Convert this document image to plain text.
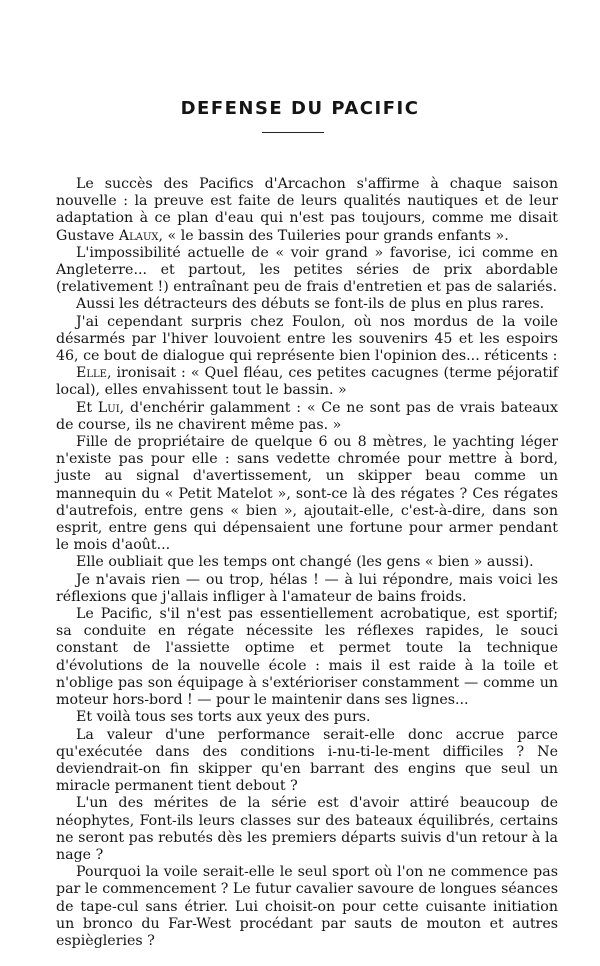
DEFENSE DU PACIFIC

Le succès des Pacifics d'Arcachon s'affirme à chaque saison nouvelle : la preuve est faite de leurs qualités nautiques et de leur adaptation à ce plan d'eau qui n'est pas toujours, comme me disait Gustave Alaux, « le bassin des Tuileries pour grands enfants ».

L'impossibilité actuelle de « voir grand » favorise, ici comme en Angleterre... et partout, les petites séries de prix abordable (relativement !) entraînant peu de frais d'entretien et pas de salariés.

Aussi les détracteurs des débuts se font-ils de plus en plus rares.

J'ai cependant surpris chez Foulon, où nos mordus de la voile désarmés par l'hiver louvoient entre les souvenirs 45 et les espoirs 46, ce bout de dialogue qui représente bien l'opinion des... réticents :

Elle, ironisait : « Quel fléau, ces petites cacugnes (terme péjoratif local), elles envahissent tout le bassin. »

Et Lui, d'enchérir galamment : « Ce ne sont pas de vrais bateaux de course, ils ne chavirent même pas. »

Fille de propriétaire de quelque 6 ou 8 mètres, le yachting léger n'existe pas pour elle : sans vedette chromée pour mettre à bord, juste au signal d'avertissement, un skipper beau comme un mannequin du « Petit Matelot », sont-ce là des régates ? Ces régates d'autrefois, entre gens « bien », ajoutait-elle, c'est-à-dire, dans son esprit, entre gens qui dépensaient une fortune pour armer pendant le mois d'août...

Elle oubliait que les temps ont changé (les gens « bien » aussi).

Je n'avais rien — ou trop, hélas ! — à lui répondre, mais voici les réflexions que j'allais infliger à l'amateur de bains froids.

Le Pacific, s'il n'est pas essentiellement acrobatique, est sportif; sa conduite en régate nécessite les réflexes rapides, le souci constant de l'assiette optime et permet toute la technique d'évolutions de la nouvelle école : mais il est raide à la toile et n'oblige pas son équipage à s'extérioriser constamment — comme un moteur hors-bord ! — pour le maintenir dans ses lignes...

Et voilà tous ses torts aux yeux des purs.

La valeur d'une performance serait-elle donc accrue parce qu'exécutée dans des conditions i-nu-ti-le-ment difficiles ? Ne deviendrait-on fin skipper qu'en barrant des engins que seul un miracle permanent tient debout ?

L'un des mérites de la série est d'avoir attiré beaucoup de néophytes, Font-ils leurs classes sur des bateaux équilibrés, certains ne seront pas rebutés dès les premiers départs suivis d'un retour à la nage ?

Pourquoi la voile serait-elle le seul sport où l'on ne commence pas par le commencement ? Le futur cavalier savoure de longues séances de tape-cul sans étrier. Lui choisit-on pour cette cuisante initiation un bronco du Far-West procédant par sauts de mouton et autres espiègleries ?
